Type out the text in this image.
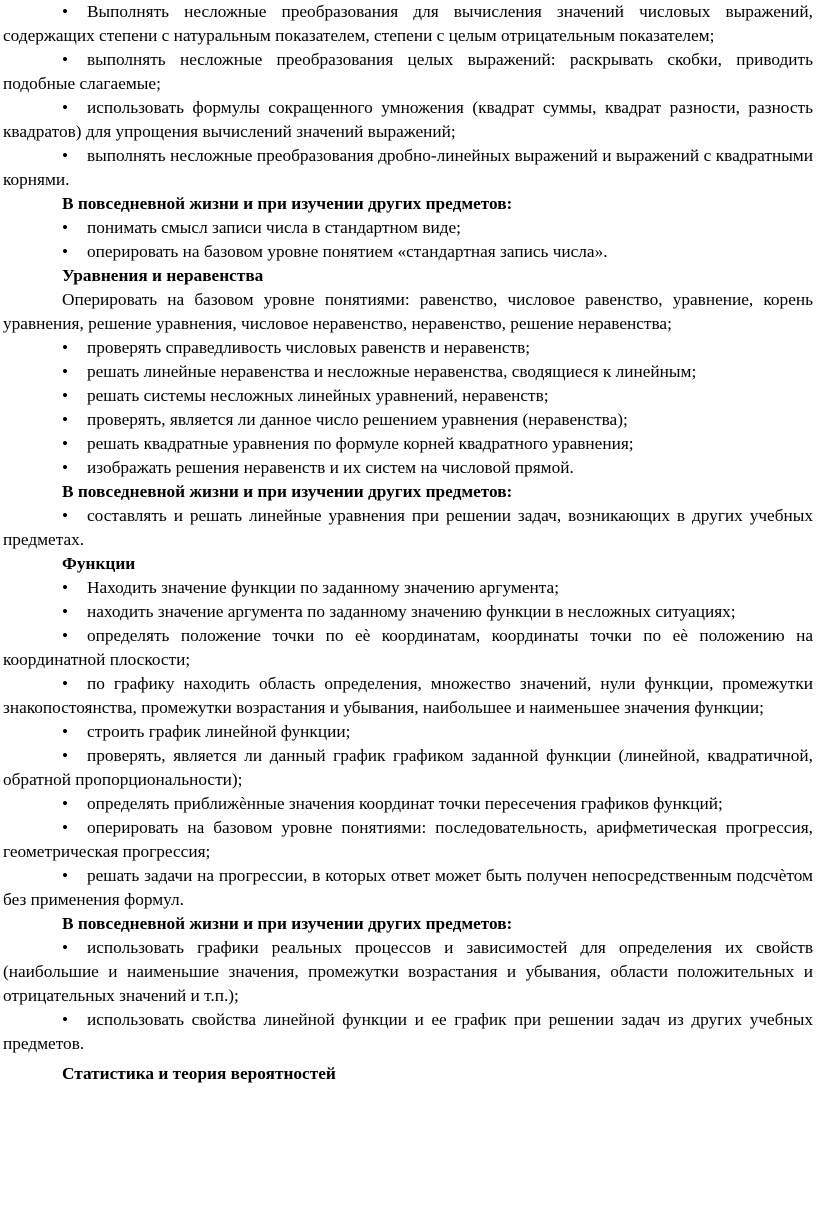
• Выполнять несложные преобразования для вычисления значений числовых выражений, содержащих степени с натуральным показателем, степени с целым отрицательным показателем;

• выполнять несложные преобразования целых выражений: раскрывать скобки, приводить подобные слагаемые;

• использовать формулы сокращенного умножения (квадрат суммы, квадрат разности, разность квадратов) для упрощения вычислений значений выражений;

• выполнять несложные преобразования дробно-линейных выражений и выражений с квадратными корнями.

В повседневной жизни и при изучении других предметов:

• понимать смысл записи числа в стандартном виде;

• оперировать на базовом уровне понятием «стандартная запись числа».

Уравнения и неравенства

Оперировать на базовом уровне понятиями: равенство, числовое равенство, уравнение, корень уравнения, решение уравнения, числовое неравенство, неравенство, решение неравенства;

• проверять справедливость числовых равенств и неравенств;

• решать линейные неравенства и несложные неравенства, сводящиеся к линейным;

• решать системы несложных линейных уравнений, неравенств;

• проверять, является ли данное число решением уравнения (неравенства);

• решать квадратные уравнения по формуле корней квадратного уравнения;

• изображать решения неравенств и их систем на числовой прямой.

В повседневной жизни и при изучении других предметов:

• составлять и решать линейные уравнения при решении задач, возникающих в других учебных предметах.

Функции

• Находить значение функции по заданному значению аргумента;

• находить значение аргумента по заданному значению функции в несложных ситуациях;

• определять положение точки по еѐ координатам, координаты точки по еѐ положению на координатной плоскости;

• по графику находить область определения, множество значений, нули функции, промежутки знакопостоянства, промежутки возрастания и убывания, наибольшее и наименьшее значения функции;

• строить график линейной функции;

• проверять, является ли данный график графиком заданной функции (линейной, квадратичной, обратной пропорциональности);

• определять приближѐнные значения координат точки пересечения графиков функций;

• оперировать на базовом уровне понятиями: последовательность, арифметическая прогрессия, геометрическая прогрессия;

• решать задачи на прогрессии, в которых ответ может быть получен непосредственным подсчѐтом без применения формул.

В повседневной жизни и при изучении других предметов:

• использовать графики реальных процессов и зависимостей для определения их свойств (наибольшие и наименьшие значения, промежутки возрастания и убывания, области положительных и отрицательных значений и т.п.);

• использовать свойства линейной функции и ее график при решении задач из других учебных предметов.

Статистика и теория вероятностей
